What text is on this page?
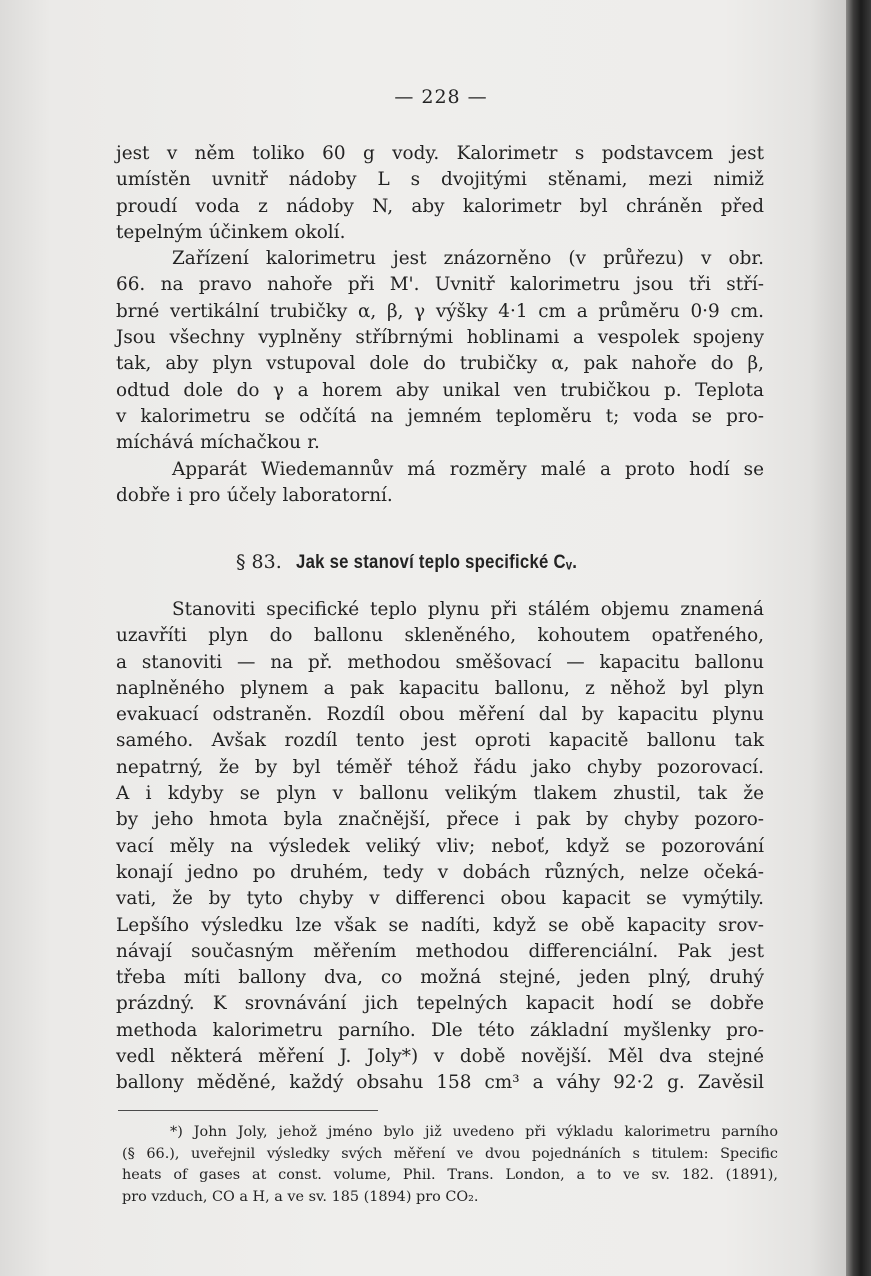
— 228 —
jest v něm toliko 60 g vody. Kalorimetr s podstavcem jest
umístěn uvnitř nádoby L s dvojitými stěnami, mezi nimiž
proudí voda z nádoby N, aby kalorimetr byl chráněn před
tepelným účinkem okolí.
Zařízení kalorimetru jest znázorněno (v průřezu) v obr.
66. na pravo nahoře při M'. Uvnitř kalorimetru jsou tři stří-
brné vertikální trubičky α, β, γ výšky 4·1 cm a průměru 0·9 cm.
Jsou všechny vyplněny stříbrnými hoblinami a vespolek spojeny
tak, aby plyn vstupoval dole do trubičky α, pak nahoře do β,
odtud dole do γ a horem aby unikal ven trubičkou p. Teplota
v kalorimetru se odčítá na jemném teploměru t; voda se pro-
míchává míchačkou r.
Apparát Wiedemannův má rozměry malé a proto hodí se
dobře i pro účely laboratorní.
§ 83. Jak se stanoví teplo specifické Cᵥ.
Stanoviti specifické teplo plynu při stálém objemu znamená
uzavříti plyn do ballonu skleněného, kohoutem opatřeného,
a stanoviti — na př. methodou směšovací — kapacitu ballonu
naplněného plynem a pak kapacitu ballonu, z něhož byl plyn
evakuací odstraněn. Rozdíl obou měření dal by kapacitu plynu
samého. Avšak rozdíl tento jest oproti kapacitě ballonu tak
nepatrný, že by byl téměř téhož řádu jako chyby pozorovací.
A i kdyby se plyn v ballonu velikým tlakem zhustil, tak že
by jeho hmota byla značnější, přece i pak by chyby pozoro-
vací měly na výsledek veliký vliv; neboť, když se pozorování
konají jedno po druhém, tedy v dobách různých, nelze očeká-
vati, že by tyto chyby v differenci obou kapacit se vymýtily.
Lepšího výsledku lze však se nadíti, když se obě kapacity srov-
návají současným měřením methodou differenciální. Pak jest
třeba míti ballony dva, co možná stejné, jeden plný, druhý
prázdný. K srovnávání jich tepelných kapacit hodí se dobře
methoda kalorimetru parního. Dle této základní myšlenky pro-
vedl některá měření J. Joly*) v době novější. Měl dva stejné
ballony měděné, každý obsahu 158 cm³ a váhy 92·2 g. Zavěsil
*) John Joly, jehož jméno bylo již uvedeno při výkladu kalorimetru parního
(§ 66.), uveřejnil výsledky svých měření ve dvou pojednáních s titulem: Specific
heats of gases at const. volume, Phil. Trans. London, a to ve sv. 182. (1891),
pro vzduch, CO a H, a ve sv. 185 (1894) pro CO₂.
